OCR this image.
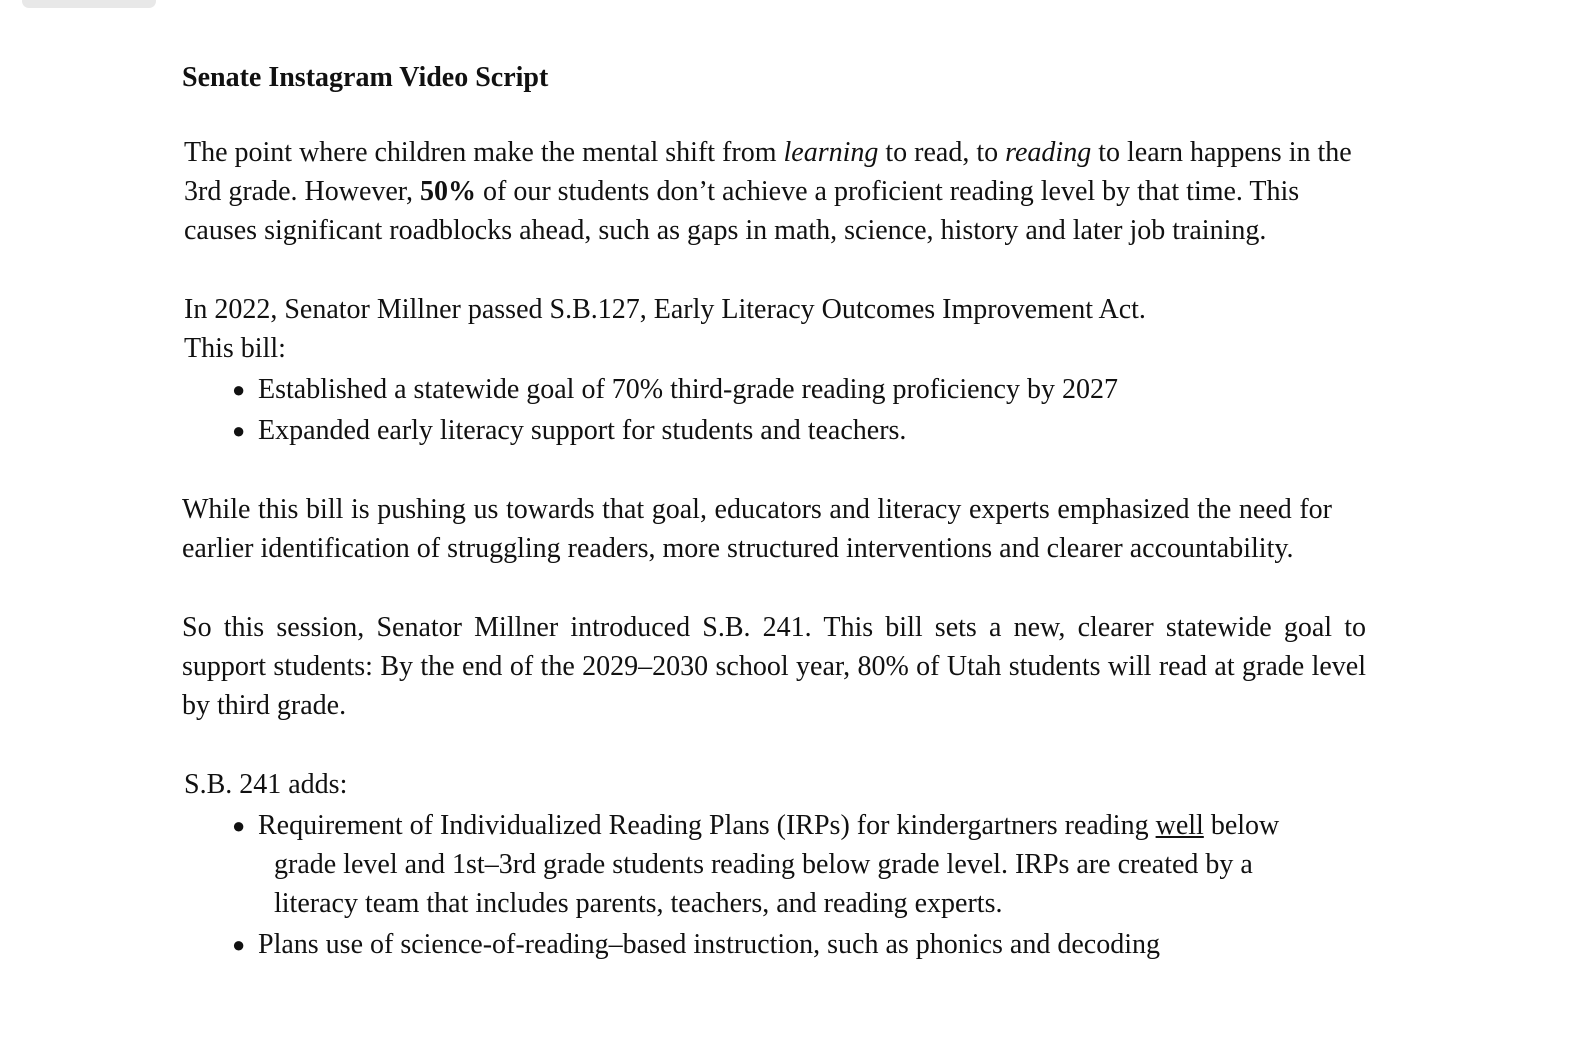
Senate Instagram Video Script

The point where children make the mental shift from learning to read, to reading to learn happens in the 3rd grade. However, 50% of our students don’t achieve a proficient reading level by that time. This causes significant roadblocks ahead, such as gaps in math, science, history and later job training.

In 2022, Senator Millner passed S.B.127, Early Literacy Outcomes Improvement Act.

This bill:

● Established a statewide goal of 70% third-grade reading proficiency by 2027
● Expanded early literacy support for students and teachers.

While this bill is pushing us towards that goal, educators and literacy experts emphasized the need for earlier identification of struggling readers, more structured interventions and clearer accountability.

So this session, Senator Millner introduced S.B. 241. This bill sets a new, clearer statewide goal to support students: By the end of the 2029–2030 school year, 80% of Utah students will read at grade level by third grade.

S.B. 241 adds:

● Requirement of Individualized Reading Plans (IRPs) for kindergartners reading well below
grade level and 1st–3rd grade students reading below grade level. IRPs are created by a literacy team that includes parents, teachers, and reading experts.
● Plans use of science-of-reading–based instruction, such as phonics and decoding
